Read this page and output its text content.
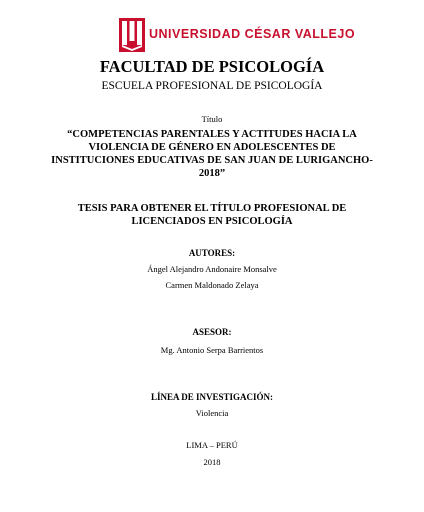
UNIVERSIDAD CÉSAR VALLEJO
FACULTAD DE PSICOLOGÍA
ESCUELA PROFESIONAL DE PSICOLOGÍA
Título
“COMPETENCIAS PARENTALES Y ACTITUDES HACIA LA
VIOLENCIA DE GÉNERO EN ADOLESCENTES DE
INSTITUCIONES EDUCATIVAS DE SAN JUAN DE LURIGANCHO-
2018”
TESIS PARA OBTENER EL TÍTULO PROFESIONAL DE
LICENCIADOS EN PSICOLOGÍA
AUTORES:
Ángel Alejandro Andonaire Monsalve
Carmen Maldonado Zelaya
ASESOR:
Mg. Antonio Serpa Barrientos
LÍNEA DE INVESTIGACIÓN:
Violencia
LIMA – PERÚ
2018
